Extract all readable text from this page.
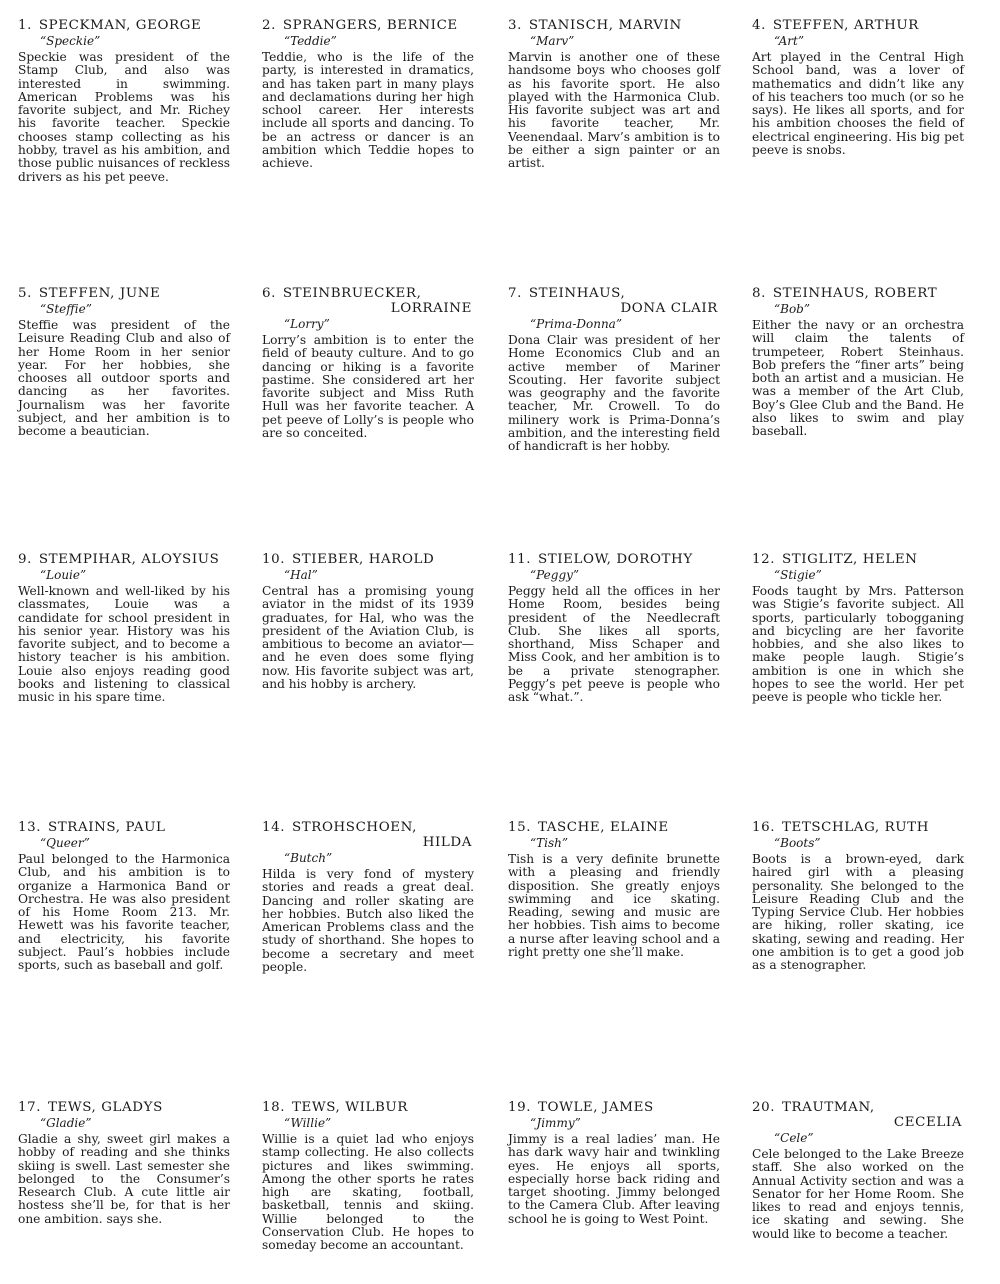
1. SPECKMAN, GEORGE
“Speckie”
Speckie was president of the Stamp Club, and also was interested in swimming. American Problems was his favorite subject, and Mr. Richey his favorite teacher. Speckie chooses stamp collecting as his hobby, travel as his ambition, and those public nuisances of reckless drivers as his pet peeve.
2. SPRANGERS, BERNICE
“Teddie”
Teddie, who is the life of the party, is interested in dramatics, and has taken part in many plays and declamations during her high school career. Her interests include all sports and dancing. To be an actress or dancer is an ambition which Teddie hopes to achieve.
3. STANISCH, MARVIN
“Marv”
Marvin is another one of these handsome boys who chooses golf as his favorite sport. He also played with the Harmonica Club. His favorite subject was art and his favorite teacher, Mr. Veenendaal. Marv’s ambition is to be either a sign painter or an artist.
4. STEFFEN, ARTHUR
“Art”
Art played in the Central High School band, was a lover of mathematics and didn’t like any of his teachers too much (or so he says). He likes all sports, and for his ambition chooses the field of electrical engineering. His big pet peeve is snobs.
5. STEFFEN, JUNE
“Steffie”
Steffie was president of the Leisure Reading Club and also of her Home Room in her senior year. For her hobbies, she chooses all outdoor sports and dancing as her favorites. Journalism was her favorite subject, and her ambition is to become a beautician.
6. STEINBRUECKER,
LORRAINE
“Lorry”
Lorry’s ambition is to enter the field of beauty culture. And to go dancing or hiking is a favorite pastime. She considered art her favorite subject and Miss Ruth Hull was her favorite teacher. A pet peeve of Lolly’s is people who are so conceited.
7. STEINHAUS,
DONA CLAIR
“Prima-Donna”
Dona Clair was president of her Home Economics Club and an active member of Mariner Scouting. Her favorite subject was geography and the favorite teacher, Mr. Crowell. To do milinery work is Prima-Donna’s ambition, and the interesting field of handicraft is her hobby.
8. STEINHAUS, ROBERT
“Bob”
Either the navy or an orchestra will claim the talents of trumpeteer, Robert Steinhaus. Bob prefers the “finer arts” being both an artist and a musician. He was a member of the Art Club, Boy’s Glee Club and the Band. He also likes to swim and play baseball.
9. STEMPIHAR, ALOYSIUS
“Louie”
Well-known and well-liked by his classmates, Louie was a candidate for school president in his senior year. History was his favorite subject, and to become a history teacher is his ambition. Louie also enjoys reading good books and listening to classical music in his spare time.
10. STIEBER, HAROLD
“Hal”
Central has a promising young aviator in the midst of its 1939 graduates, for Hal, who was the president of the Aviation Club, is ambitious to become an aviator—and he even does some flying now. His favorite subject was art, and his hobby is archery.
11. STIELOW, DOROTHY
“Peggy”
Peggy held all the offices in her Home Room, besides being president of the Needlecraft Club. She likes all sports, shorthand, Miss Schaper and Miss Cook, and her ambition is to be a private stenographer. Peggy’s pet peeve is people who ask “what.”.
12. STIGLITZ, HELEN
“Stigie”
Foods taught by Mrs. Patterson was Stigie’s favorite subject. All sports, particularly tobogganing and bicycling are her favorite hobbies, and she also likes to make people laugh. Stigie’s ambition is one in which she hopes to see the world. Her pet peeve is people who tickle her.
13. STRAINS, PAUL
“Queer”
Paul belonged to the Harmonica Club, and his ambition is to organize a Harmonica Band or Orchestra. He was also president of his Home Room 213. Mr. Hewett was his favorite teacher, and electricity, his favorite subject. Paul’s hobbies include sports, such as baseball and golf.
14. STROHSCHOEN,
HILDA
“Butch”
Hilda is very fond of mystery stories and reads a great deal. Dancing and roller skating are her hobbies. Butch also liked the American Problems class and the study of shorthand. She hopes to become a secretary and meet people.
15. TASCHE, ELAINE
“Tish”
Tish is a very definite brunette with a pleasing and friendly disposition. She greatly enjoys swimming and ice skating. Reading, sewing and music are her hobbies. Tish aims to become a nurse after leaving school and a right pretty one she’ll make.
16. TETSCHLAG, RUTH
“Boots”
Boots is a brown-eyed, dark haired girl with a pleasing personality. She belonged to the Leisure Reading Club and the Typing Service Club. Her hobbies are hiking, roller skating, ice skating, sewing and reading. Her one ambition is to get a good job as a stenographer.
17. TEWS, GLADYS
“Gladie”
Gladie a shy, sweet girl makes a hobby of reading and she thinks skiing is swell. Last semester she belonged to the Consumer’s Research Club. A cute little air hostess she’ll be, for that is her one ambition. says she.
18. TEWS, WILBUR
“Willie”
Willie is a quiet lad who enjoys stamp collecting. He also collects pictures and likes swimming. Among the other sports he rates high are skating, football, basketball, tennis and skiing. Willie belonged to the Conservation Club. He hopes to someday become an accountant.
19. TOWLE, JAMES
“Jimmy”
Jimmy is a real ladies’ man. He has dark wavy hair and twinkling eyes. He enjoys all sports, especially horse back riding and target shooting. Jimmy belonged to the Camera Club. After leaving school he is going to West Point.
20. TRAUTMAN,
CECELIA
“Cele”
Cele belonged to the Lake Breeze staff. She also worked on the Annual Activity section and was a Senator for her Home Room. She likes to read and enjoys tennis, ice skating and sewing. She would like to become a teacher.
